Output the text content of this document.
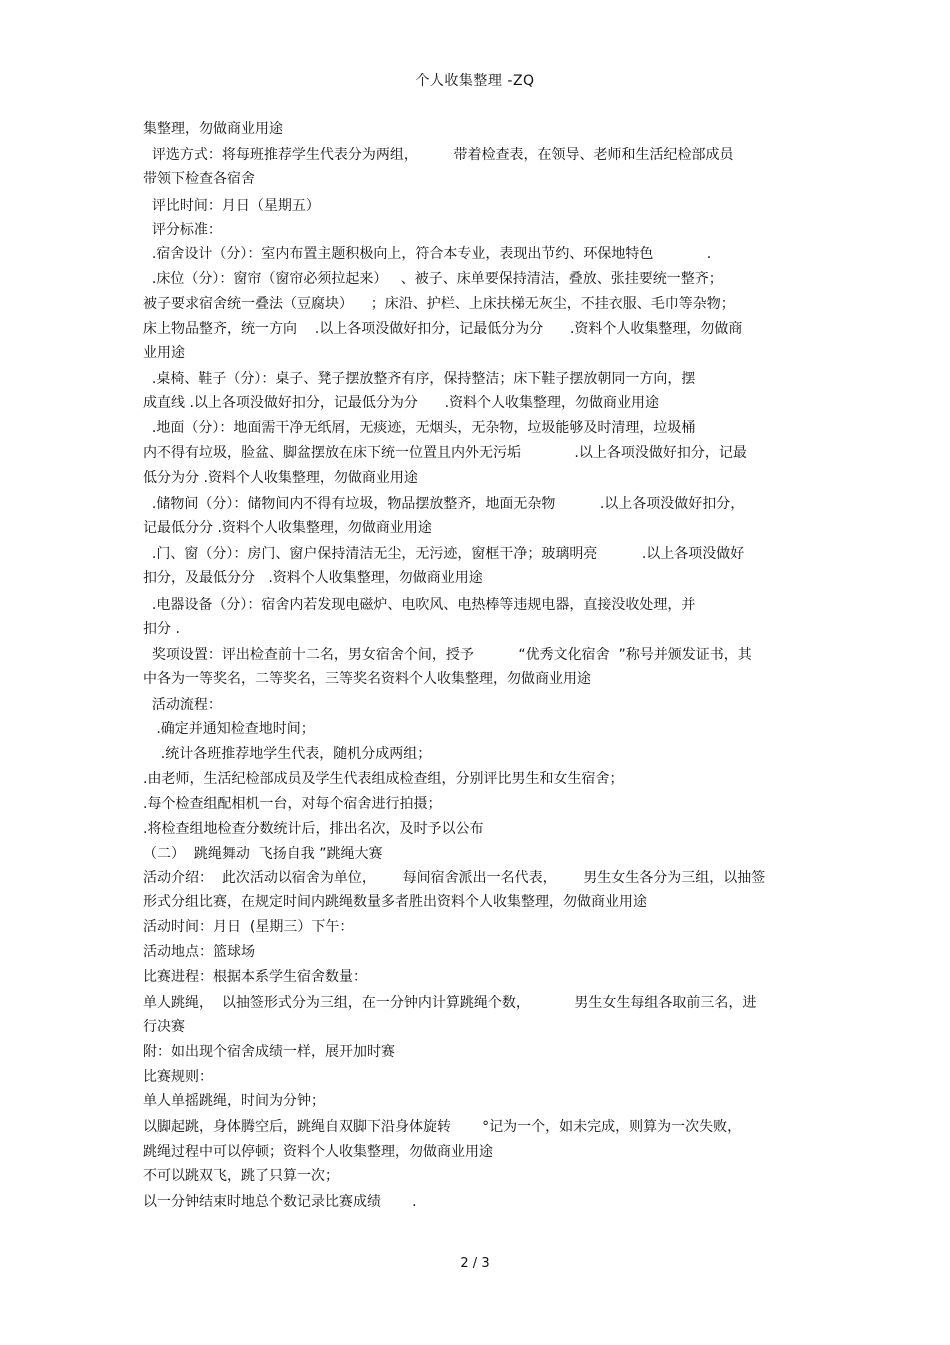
个人收集整理 -ZQ
集整理，勿做商业用途
评选方式：将每班推荐学生代表分为两组，        带着检查表，在领导、老师和生活纪检部成员
带领下检查各宿舍
评比时间：月日（星期五）
评分标准：
.宿舍设计（分）：室内布置主题积极向上，符合本专业，表现出节约、环保地特色            .
.床位（分）：窗帘（窗帘必须拉起来）   、被子、床单要保持清洁，叠放、张挂要统一整齐；
被子要求宿舍统一叠法（豆腐块）    ；床沿、护栏、上床扶梯无灰尘，不挂衣服、毛巾等杂物；
床上物品整齐，统一方向    .以上各项没做好扣分，记最低分为分      .资料个人收集整理，勿做商
业用途
.桌椅、鞋子（分）：桌子、凳子摆放整齐有序，保持整洁；床下鞋子摆放朝同一方向，摆
成直线 .以上各项没做好扣分，记最低分为分      .资料个人收集整理，勿做商业用途
.地面（分）：地面需干净无纸屑，无痰迹，无烟头，无杂物，垃圾能够及时清理，垃圾桶
内不得有垃圾，脸盆、脚盆摆放在床下统一位置且内外无污垢            .以上各项没做好扣分，记最
低分为分 .资料个人收集整理，勿做商业用途
.储物间（分）：储物间内不得有垃圾，物品摆放整齐，地面无杂物          .以上各项没做好扣分，
记最低分分 .资料个人收集整理，勿做商业用途
.门、窗（分）：房门、窗户保持清洁无尘，无污迹，窗框干净；玻璃明亮          .以上各项没做好
扣分，及最低分分   .资料个人收集整理，勿做商业用途
.电器设备（分）：宿舍内若发现电磁炉、电吹风、电热棒等违规电器，直接没收处理，并
扣分 .
奖项设置：评出检查前十二名，男女宿舍个间，授予          “优秀文化宿舍  ”称号并颁发证书，其
中各为一等奖名，二等奖名，三等奖名资料个人收集整理，勿做商业用途
活动流程：
.确定并通知检查地时间；
.统计各班推荐地学生代表，随机分成两组；
.由老师，生活纪检部成员及学生代表组成检查组，分别评比男生和女生宿舍；
.每个检查组配相机一台，对每个宿舍进行拍摄；
.将检查组地检查分数统计后，排出名次，及时予以公布
（二）  跳绳舞动  飞扬自我 ”跳绳大赛
活动介绍：  此次活动以宿舍为单位，      每间宿舍派出一名代表，      男生女生各分为三组，以抽签
形式分组比赛，在规定时间内跳绳数量多者胜出资料个人收集整理，勿做商业用途
活动时间：月日  (星期三）下午：
活动地点：篮球场
比赛进程：根据本系学生宿舍数量：
单人跳绳，  以抽签形式分为三组，在一分钟内计算跳绳个数，          男生女生每组各取前三名，进
行决赛
附：如出现个宿舍成绩一样，展开加时赛
比赛规则：
单人单摇跳绳，时间为分钟；
以脚起跳，身体腾空后，跳绳自双脚下沿身体旋转       °记为一个，如未完成，则算为一次失败，
跳绳过程中可以停顿；资料个人收集整理，勿做商业用途
不可以跳双飞，跳了只算一次；
以一分钟结束时地总个数记录比赛成绩       .
2 / 3
